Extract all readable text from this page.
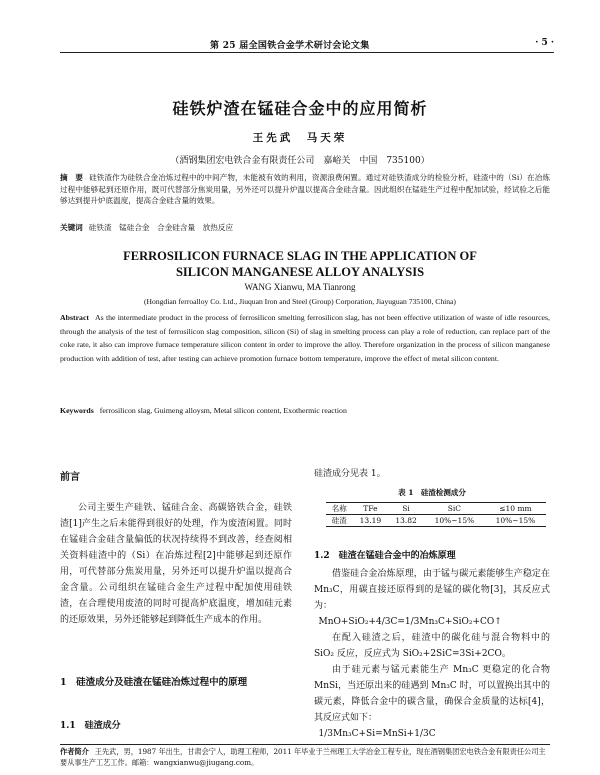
第 25 届全国铁合金学术研讨会论文集	· 5 ·
硅铁炉渣在锰硅合金中的应用简析
王先武　马天荣
（酒钢集团宏电铁合金有限责任公司　嘉峪关　中国　735100）
摘　要 硅铁渣作为硅铁合金冶炼过程中的中间产物，未能被有效的利用，资源浪费闲置。通过对硅铁渣成分的检验分析，硅渣中的（Si）在冶炼过程中能够起到还原作用，既可代替部分焦炭用量，另外还可以提升炉温以提高合金硅含量。因此组织在锰硅生产过程中配加试验，经试验之后能够达到提升炉底温度，提高合金硅含量的效果。
关键词 硅铁渣　锰硅合金　合金硅含量　放热反应
FERROSILICON FURNACE SLAG IN THE APPLICATION OF
SILICON MANGANESE ALLOY ANALYSIS
WANG Xianwu, MA Tianrong
(Hongdian ferroalloy Co. Ltd., Jiuquan Iron and Steel (Group) Corporation, Jiayuguan 735100, China)
Abstract As the intermediate product in the process of ferrosilicon smelting ferrosilicon slag, has not been effective utilization of waste of idle resources, through the analysis of the test of ferrosilicon slag composition, silicon (Si) of slag in smelting process can play a role of reduction, can replace part of the coke rate, it also can improve furnace temperature silicon content in order to improve the alloy. Therefore organization in the process of silicon manganese production with addition of test, after testing can achieve promotion furnace bottom temperature, improve the effect of metal silicon content.
Keywords ferrosilicon slag, Guimeng alloysm, Metal silicon content, Exothermic reaction
前言

公司主要生产硅铁、锰硅合金、高碳铬铁合金，硅铁渣[1]产生之后未能得到很好的处理，作为废渣闲置。同时在锰硅合金硅含量偏低的状况持续得不到改善，经查阅相关资料硅渣中的（Si）在冶炼过程[2]中能够起到还原作用，可代替部分焦炭用量，另外还可以提升炉温以提高合金含量。公司组织在锰硅合金生产过程中配加使用硅铁渣，在合理使用废渣的同时可提高炉底温度，增加硅元素的还原效果，另外还能够起到降低生产成本的作用。

1　硅渣成分及硅渣在锰硅冶炼过程中的原理
1.1　硅渣成分
硅渣成分见表 1。
表 1　硅渣检测成分
名称	TFe	Si	SiC	≤10 mm
硅渣	13.19	13.82	10%~15%	10%~15%
1.2　硅渣在锰硅合金中的冶炼原理

借鉴硅合金冶炼原理，由于锰与碳元素能够生产稳定在 Mn₃C，用碳直接还原得到的是锰的碳化物[3]，其反应式为：

MnO+SiO₂+4/3C=1/3Mn₃C+SiO₂+CO↑

在配入硅渣之后，硅渣中的碳化硅与混合物料中的 SiO₂ 反应，反应式为 SiO₂+2SiC=3Si+2CO。

由于硅元素与锰元素能生产 Mn₃C 更稳定的化合物 MnSi，当还原出来的硅遇到 Mn₃C 时，可以置换出其中的碳元素，降低合金中的碳含量，确保合金质量的达标[4]，其反应式如下：

1/3Mn₃C+Si=MnSi+1/3C

作者简介 王先武，男，1987 年出生，甘肃会宁人，助理工程师，2011 年毕业于兰州理工大学冶金工程专业，现在酒钢集团宏电铁合金有限责任公司主要从事生产工艺工作。邮箱：wangxianwu@jiugang.com。
